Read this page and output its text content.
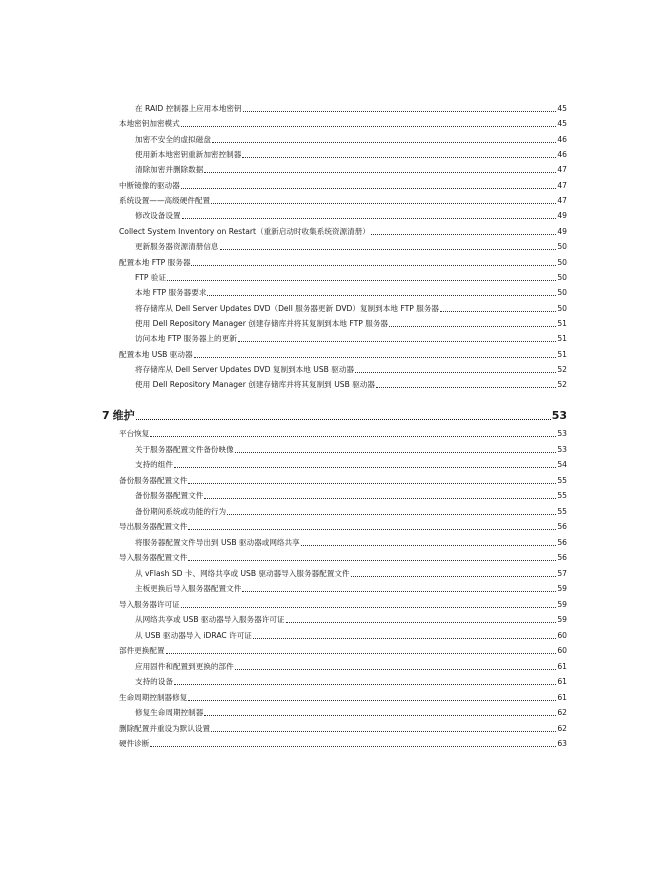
在 RAID 控制器上应用本地密钥	45
本地密钥加密模式	45
加密不安全的虚拟磁盘	46
使用新本地密钥重新加密控制器	46
清除加密并删除数据	47
中断镜像的驱动器	47
系统设置——高级硬件配置	47
修改设备设置	49
Collect System Inventory on Restart（重新启动时收集系统资源清册）	49
更新服务器资源清册信息	50
配置本地 FTP 服务器	50
FTP 验证	50
本地 FTP 服务器要求	50
将存储库从 Dell Server Updates DVD（Dell 服务器更新 DVD）复制到本地 FTP 服务器	50
使用 Dell Repository Manager 创建存储库并将其复制到本地 FTP 服务器	51
访问本地 FTP 服务器上的更新	51
配置本地 USB 驱动器	51
将存储库从 Dell Server Updates DVD 复制到本地 USB 驱动器	52
使用 Dell Repository Manager 创建存储库并将其复制到 USB 驱动器	52
7 维护	53
平台恢复	53
关于服务器配置文件备份映像	53
支持的组件	54
备份服务器配置文件	55
备份服务器配置文件	55
备份期间系统或功能的行为	55
导出服务器配置文件	56
将服务器配置文件导出到 USB 驱动器或网络共享	56
导入服务器配置文件	56
从 vFlash SD 卡、网络共享或 USB 驱动器导入服务器配置文件	57
主板更换后导入服务器配置文件	59
导入服务器许可证	59
从网络共享或 USB 驱动器导入服务器许可证	59
从 USB 驱动器导入 iDRAC 许可证	60
部件更换配置	60
应用固件和配置到更换的部件	61
支持的设备	61
生命周期控制器修复	61
修复生命周期控制器	62
删除配置并重设为默认设置	62
硬件诊断	63
